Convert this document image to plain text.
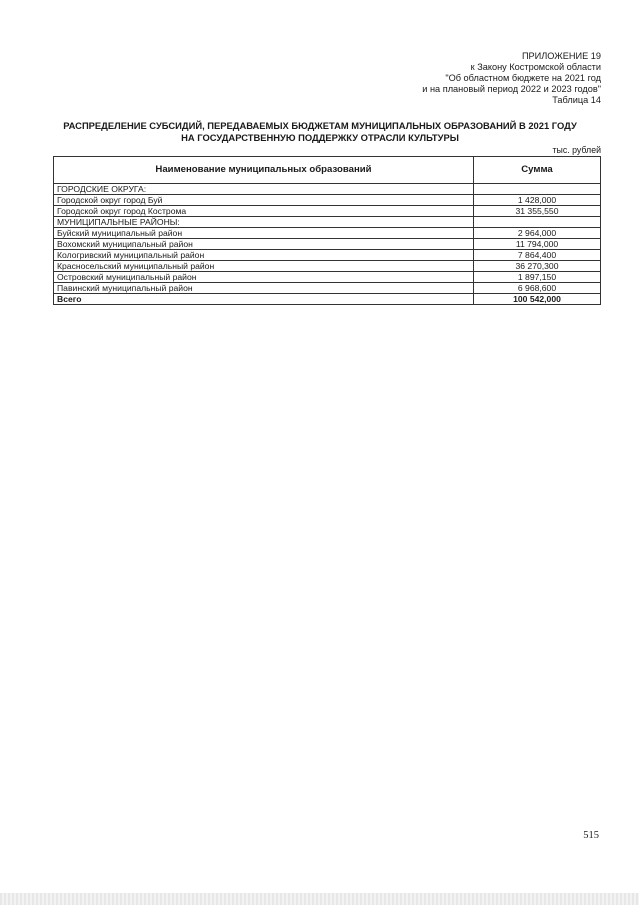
ПРИЛОЖЕНИЕ 19
к Закону Костромской области
"Об областном бюджете на 2021 год
и на плановый период 2022 и 2023 годов"
Таблица 14
РАСПРЕДЕЛЕНИЕ СУБСИДИЙ, ПЕРЕДАВАЕМЫХ БЮДЖЕТАМ МУНИЦИПАЛЬНЫХ ОБРАЗОВАНИЙ В 2021 ГОДУ
НА ГОСУДАРСТВЕННУЮ ПОДДЕРЖКУ ОТРАСЛИ КУЛЬТУРЫ
тыс. рублей
Наименование муниципальных образований	Сумма
ГОРОДСКИЕ ОКРУГА:	
Городской округ город Буй	1 428,000
Городской округ город Кострома	31 355,550
МУНИЦИПАЛЬНЫЕ РАЙОНЫ:	
Буйский муниципальный район	2 964,000
Вохомский муниципальный район	11 794,000
Кологривский муниципальный район	7 864,400
Красносельский муниципальный район	36 270,300
Островский муниципальный район	1 897,150
Павинский муниципальный район	6 968,600
Всего	100 542,000
515
